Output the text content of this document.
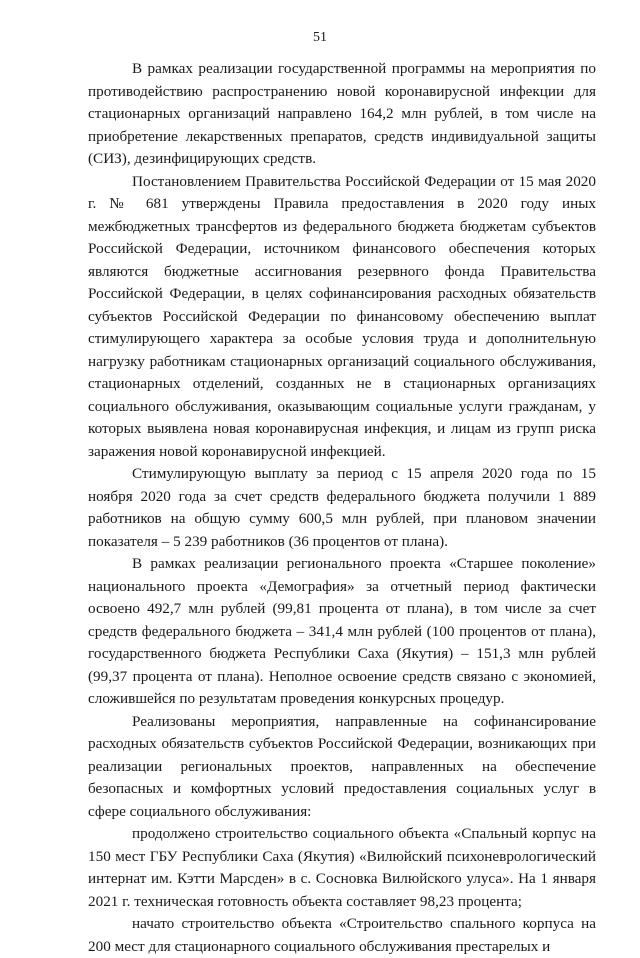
51

В рамках реализации государственной программы на мероприятия по противодействию распространению новой коронавирусной инфекции для стационарных организаций направлено 164,2 млн рублей, в том числе на приобретение лекарственных препаратов, средств индивидуальной защиты (СИЗ), дезинфицирующих средств.

Постановлением Правительства Российской Федерации от 15 мая 2020 г. № 681 утверждены Правила предоставления в 2020 году иных межбюджетных трансфертов из федерального бюджета бюджетам субъектов Российской Федерации, источником финансового обеспечения которых являются бюджетные ассигнования резервного фонда Правительства Российской Федерации, в целях софинансирования расходных обязательств субъектов Российской Федерации по финансовому обеспечению выплат стимулирующего характера за особые условия труда и дополнительную нагрузку работникам стационарных организаций социального обслуживания, стационарных отделений, созданных не в стационарных организациях социального обслуживания, оказывающим социальные услуги гражданам, у которых выявлена новая коронавирусная инфекция, и лицам из групп риска заражения новой коронавирусной инфекцией.

Стимулирующую выплату за период с 15 апреля 2020 года по 15 ноября 2020 года за счет средств федерального бюджета получили 1 889 работников на общую сумму 600,5 млн рублей, при плановом значении показателя – 5 239 работников (36 процентов от плана).

В рамках реализации регионального проекта «Старшее поколение» национального проекта «Демография» за отчетный период фактически освоено 492,7 млн рублей (99,81 процента от плана), в том числе за счет средств федерального бюджета – 341,4 млн рублей (100 процентов от плана), государственного бюджета Республики Саха (Якутия) – 151,3 млн рублей (99,37 процента от плана). Неполное освоение средств связано с экономией, сложившейся по результатам проведения конкурсных процедур.

Реализованы мероприятия, направленные на софинансирование расходных обязательств субъектов Российской Федерации, возникающих при реализации региональных проектов, направленных на обеспечение безопасных и комфортных условий предоставления социальных услуг в сфере социального обслуживания:

продолжено строительство социального объекта «Спальный корпус на 150 мест ГБУ Республики Саха (Якутия) «Вилюйский психоневрологический интернат им. Кэтти Марсден» в с. Сосновка Вилюйского улуса». На 1 января 2021 г. техническая готовность объекта составляет 98,23 процента;

начато строительство объекта «Строительство спального корпуса на 200 мест для стационарного социального обслуживания престарелых и
